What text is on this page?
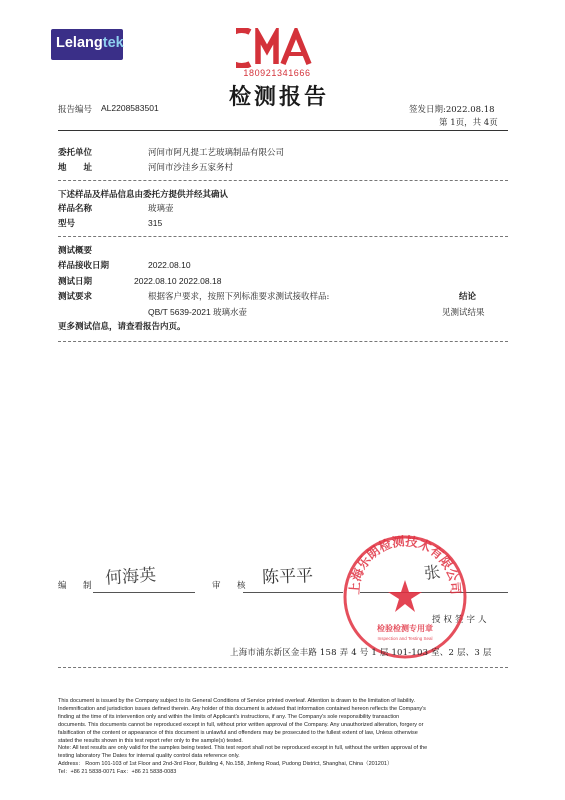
Lelangtek
180921341666
检测报告
报告编号 AL2208583501	签发日期:2022.08.18
第 1页，共 4页
委托单位	河间市阿凡提工艺玻璃制品有限公司
地　　址	河间市沙洼乡五家务村
下述样品及样品信息由委托方提供并经其确认
样品名称	玻璃壶
型号	315
测试概要
样品接收日期	2022.08.10
测试日期	2022.08.10 2022.08.18
测试要求	根据客户要求，按照下列标准要求测试接收样品:	结论
QB/T 5639-2021 玻璃水壶	见测试结果
更多测试信息，请查看报告内页。
编　制 何海英	审　核 陈平平	张
授权签字人
上海乐朗检测技术有限公司
检验检测专用章
Inspection and Testing Seal
上海市浦东新区金丰路 158 弄 4 号 1 层 101-103 室、2 层、3 层
This document is issued by the Company subject to its General Conditions of Service printed overleaf. Attention is drawn to the limitation of liability.
Indemnification and jurisdiction issues defined therein. Any holder of this document is advised that information contained hereon reflects the Company's
finding at the time of its intervention only and within the limits of Applicant's instructions, if any. The Company's sole responsibility transaction
documents. This documents cannot be reproduced except in full, without prior written approval of the Company. Any unauthorized alteration, forgery or
falsification of the content or appearance of this document is unlawful and offenders may be prosecuted to the fullest extent of law, Unless otherwise
stated the results shown in this test report refer only to the sample(s) tested.
Note: All test results are only valid for the samples being tested. This test report shall not be reproduced except in full, without the written approval of the
testing laboratory The Dates for internal quality control data reference only.
Address： Room 101-103 of 1st Floor and 2nd-3rd Floor, Building 4, No.158, Jinfeng Road, Pudong District, Shanghai, China（201201）
Tel：+86 21 5838-0071 Fax：+86 21 5838-0083
